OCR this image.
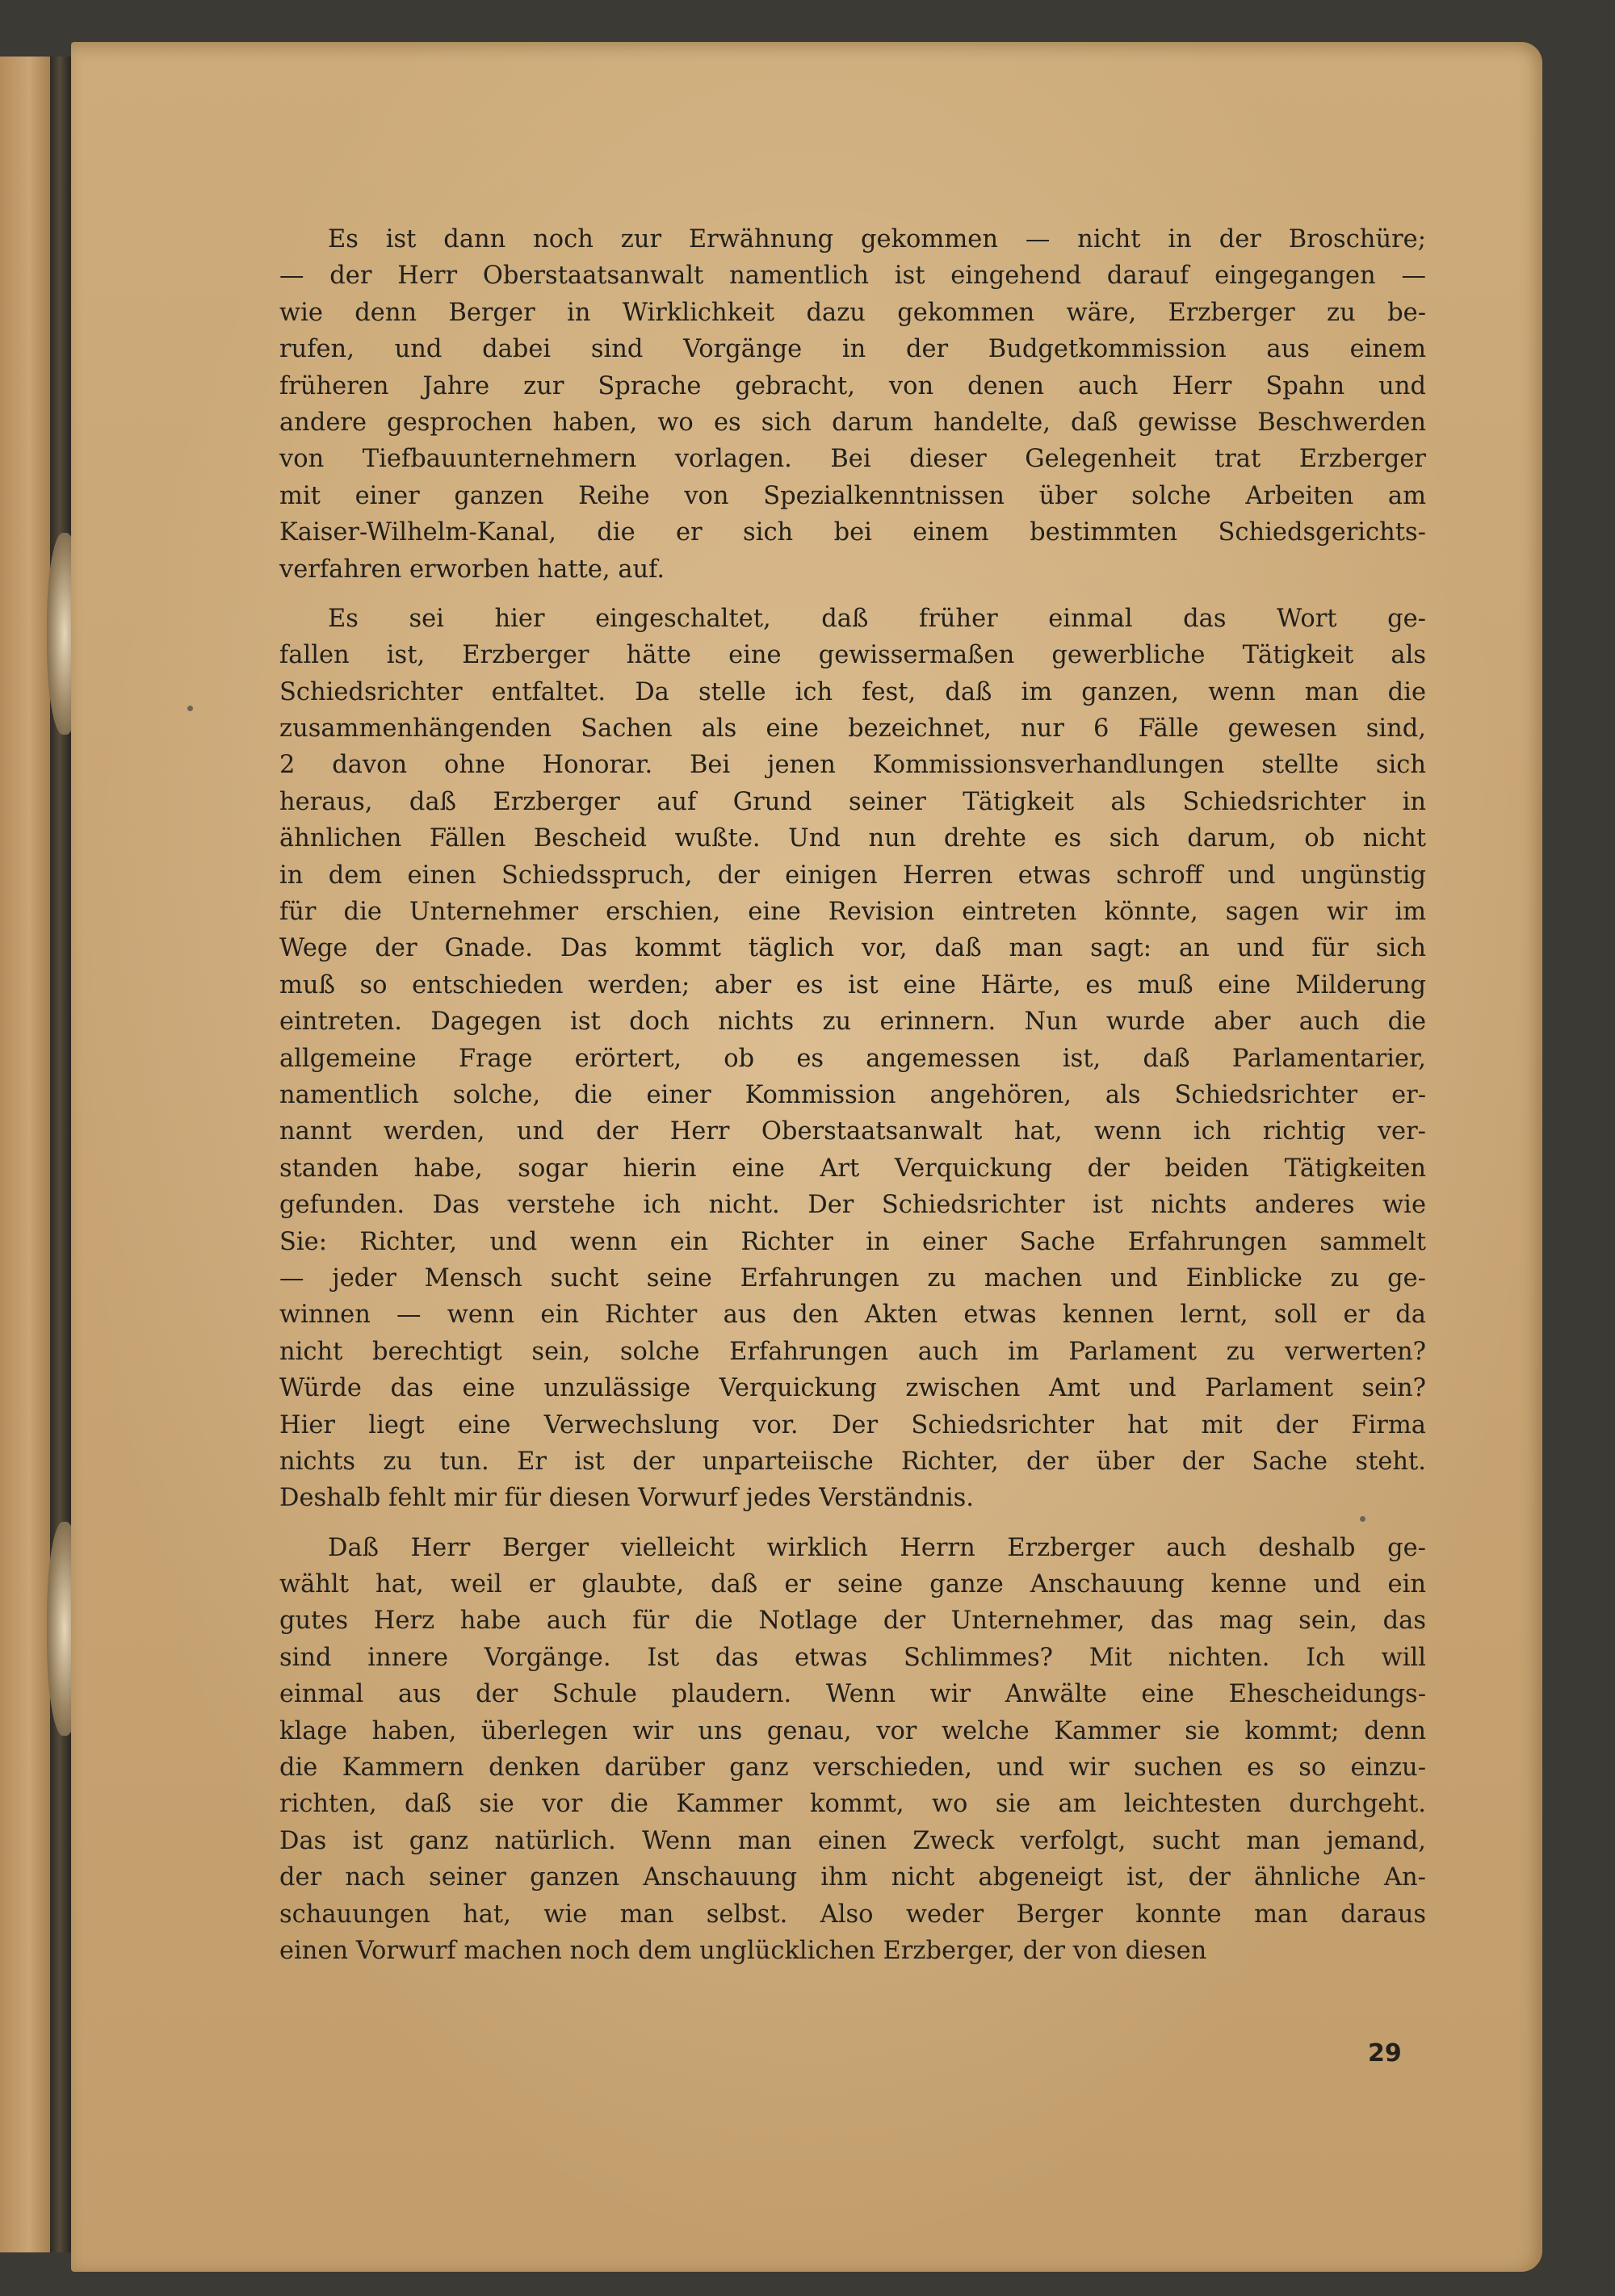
Es ist dann noch zur Erwähnung gekommen — nicht in der Broschüre;
— der Herr Oberstaatsanwalt namentlich ist eingehend darauf eingegangen —
wie denn Berger in Wirklichkeit dazu gekommen wäre, Erzberger zu be-
rufen, und dabei sind Vorgänge in der Budgetkommission aus einem
früheren Jahre zur Sprache gebracht, von denen auch Herr Spahn und
andere gesprochen haben, wo es sich darum handelte, daß gewisse Beschwerden
von Tiefbauunternehmern vorlagen. Bei dieser Gelegenheit trat Erzberger
mit einer ganzen Reihe von Spezialkenntnissen über solche Arbeiten am
Kaiser-Wilhelm-Kanal, die er sich bei einem bestimmten Schiedsgerichts-
verfahren erworben hatte, auf.
Es sei hier eingeschaltet, daß früher einmal das Wort ge-
fallen ist, Erzberger hätte eine gewissermaßen gewerbliche Tätigkeit als
Schiedsrichter entfaltet. Da stelle ich fest, daß im ganzen, wenn man die
zusammenhängenden Sachen als eine bezeichnet, nur 6 Fälle gewesen sind,
2 davon ohne Honorar. Bei jenen Kommissionsverhandlungen stellte sich
heraus, daß Erzberger auf Grund seiner Tätigkeit als Schiedsrichter in
ähnlichen Fällen Bescheid wußte. Und nun drehte es sich darum, ob nicht
in dem einen Schiedsspruch, der einigen Herren etwas schroff und ungünstig
für die Unternehmer erschien, eine Revision eintreten könnte, sagen wir im
Wege der Gnade. Das kommt täglich vor, daß man sagt: an und für sich
muß so entschieden werden; aber es ist eine Härte, es muß eine Milderung
eintreten. Dagegen ist doch nichts zu erinnern. Nun wurde aber auch die
allgemeine Frage erörtert, ob es angemessen ist, daß Parlamentarier,
namentlich solche, die einer Kommission angehören, als Schiedsrichter er-
nannt werden, und der Herr Oberstaatsanwalt hat, wenn ich richtig ver-
standen habe, sogar hierin eine Art Verquickung der beiden Tätigkeiten
gefunden. Das verstehe ich nicht. Der Schiedsrichter ist nichts anderes wie
Sie: Richter, und wenn ein Richter in einer Sache Erfahrungen sammelt
— jeder Mensch sucht seine Erfahrungen zu machen und Einblicke zu ge-
winnen — wenn ein Richter aus den Akten etwas kennen lernt, soll er da
nicht berechtigt sein, solche Erfahrungen auch im Parlament zu verwerten?
Würde das eine unzulässige Verquickung zwischen Amt und Parlament sein?
Hier liegt eine Verwechslung vor. Der Schiedsrichter hat mit der Firma
nichts zu tun. Er ist der unparteiische Richter, der über der Sache steht.
Deshalb fehlt mir für diesen Vorwurf jedes Verständnis.
Daß Herr Berger vielleicht wirklich Herrn Erzberger auch deshalb ge-
wählt hat, weil er glaubte, daß er seine ganze Anschauung kenne und ein
gutes Herz habe auch für die Notlage der Unternehmer, das mag sein, das
sind innere Vorgänge. Ist das etwas Schlimmes? Mit nichten. Ich will
einmal aus der Schule plaudern. Wenn wir Anwälte eine Ehescheidungs-
klage haben, überlegen wir uns genau, vor welche Kammer sie kommt; denn
die Kammern denken darüber ganz verschieden, und wir suchen es so einzu-
richten, daß sie vor die Kammer kommt, wo sie am leichtesten durchgeht.
Das ist ganz natürlich. Wenn man einen Zweck verfolgt, sucht man jemand,
der nach seiner ganzen Anschauung ihm nicht abgeneigt ist, der ähnliche An-
schauungen hat, wie man selbst. Also weder Berger konnte man daraus
einen Vorwurf machen noch dem unglücklichen Erzberger, der von diesen
29
